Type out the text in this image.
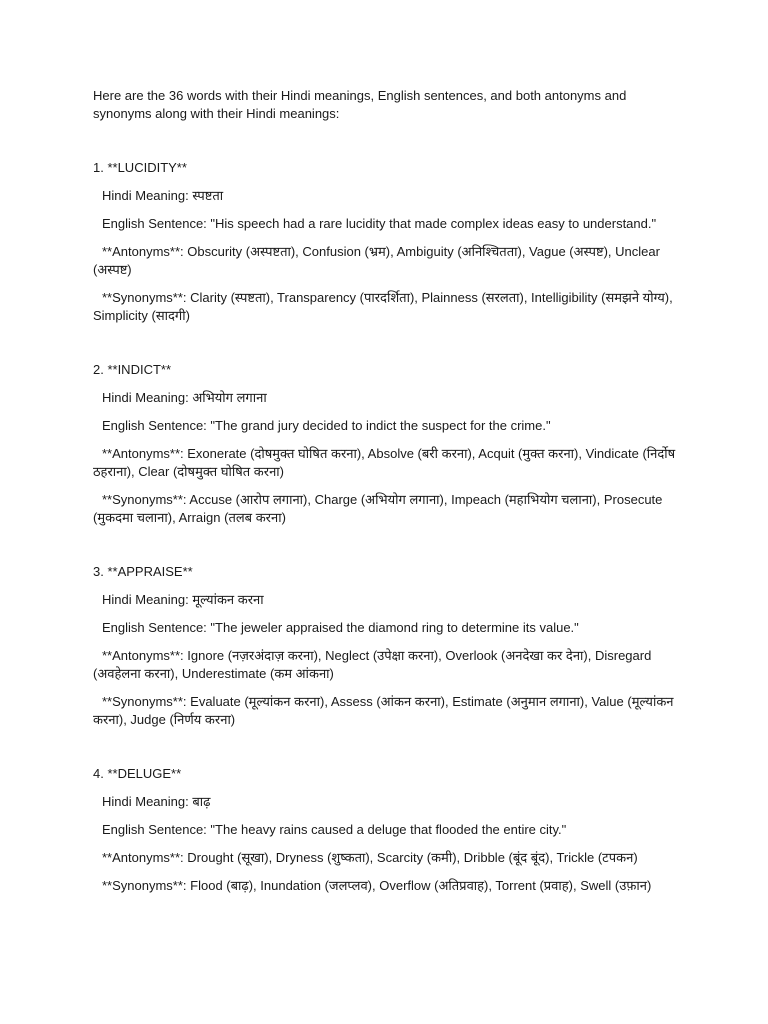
Here are the 36 words with their Hindi meanings, English sentences, and both antonyms and synonyms along with their Hindi meanings:

1. **LUCIDITY**

Hindi Meaning: स्पष्टता

English Sentence: "His speech had a rare lucidity that made complex ideas easy to understand."

**Antonyms**: Obscurity (अस्पष्टता), Confusion (भ्रम), Ambiguity (अनिश्चितता), Vague (अस्पष्ट), Unclear (अस्पष्ट)

**Synonyms**: Clarity (स्पष्टता), Transparency (पारदर्शिता), Plainness (सरलता), Intelligibility (समझने योग्य), Simplicity (सादगी)

2. **INDICT**

Hindi Meaning: अभियोग लगाना

English Sentence: "The grand jury decided to indict the suspect for the crime."

**Antonyms**: Exonerate (दोषमुक्त घोषित करना), Absolve (बरी करना), Acquit (मुक्त करना), Vindicate (निर्दोष ठहराना), Clear (दोषमुक्त घोषित करना)

**Synonyms**: Accuse (आरोप लगाना), Charge (अभियोग लगाना), Impeach (महाभियोग चलाना), Prosecute (मुकदमा चलाना), Arraign (तलब करना)

3. **APPRAISE**

Hindi Meaning: मूल्यांकन करना

English Sentence: "The jeweler appraised the diamond ring to determine its value."

**Antonyms**: Ignore (नज़रअंदाज़ करना), Neglect (उपेक्षा करना), Overlook (अनदेखा कर देना), Disregard (अवहेलना करना), Underestimate (कम आंकना)

**Synonyms**: Evaluate (मूल्यांकन करना), Assess (आंकन करना), Estimate (अनुमान लगाना), Value (मूल्यांकन करना), Judge (निर्णय करना)

4. **DELUGE**

Hindi Meaning: बाढ़

English Sentence: "The heavy rains caused a deluge that flooded the entire city."

**Antonyms**: Drought (सूखा), Dryness (शुष्कता), Scarcity (कमी), Dribble (बूंद बूंद), Trickle (टपकन)

**Synonyms**: Flood (बाढ़), Inundation (जलप्लव), Overflow (अतिप्रवाह), Torrent (प्रवाह), Swell (उफ़ान)
